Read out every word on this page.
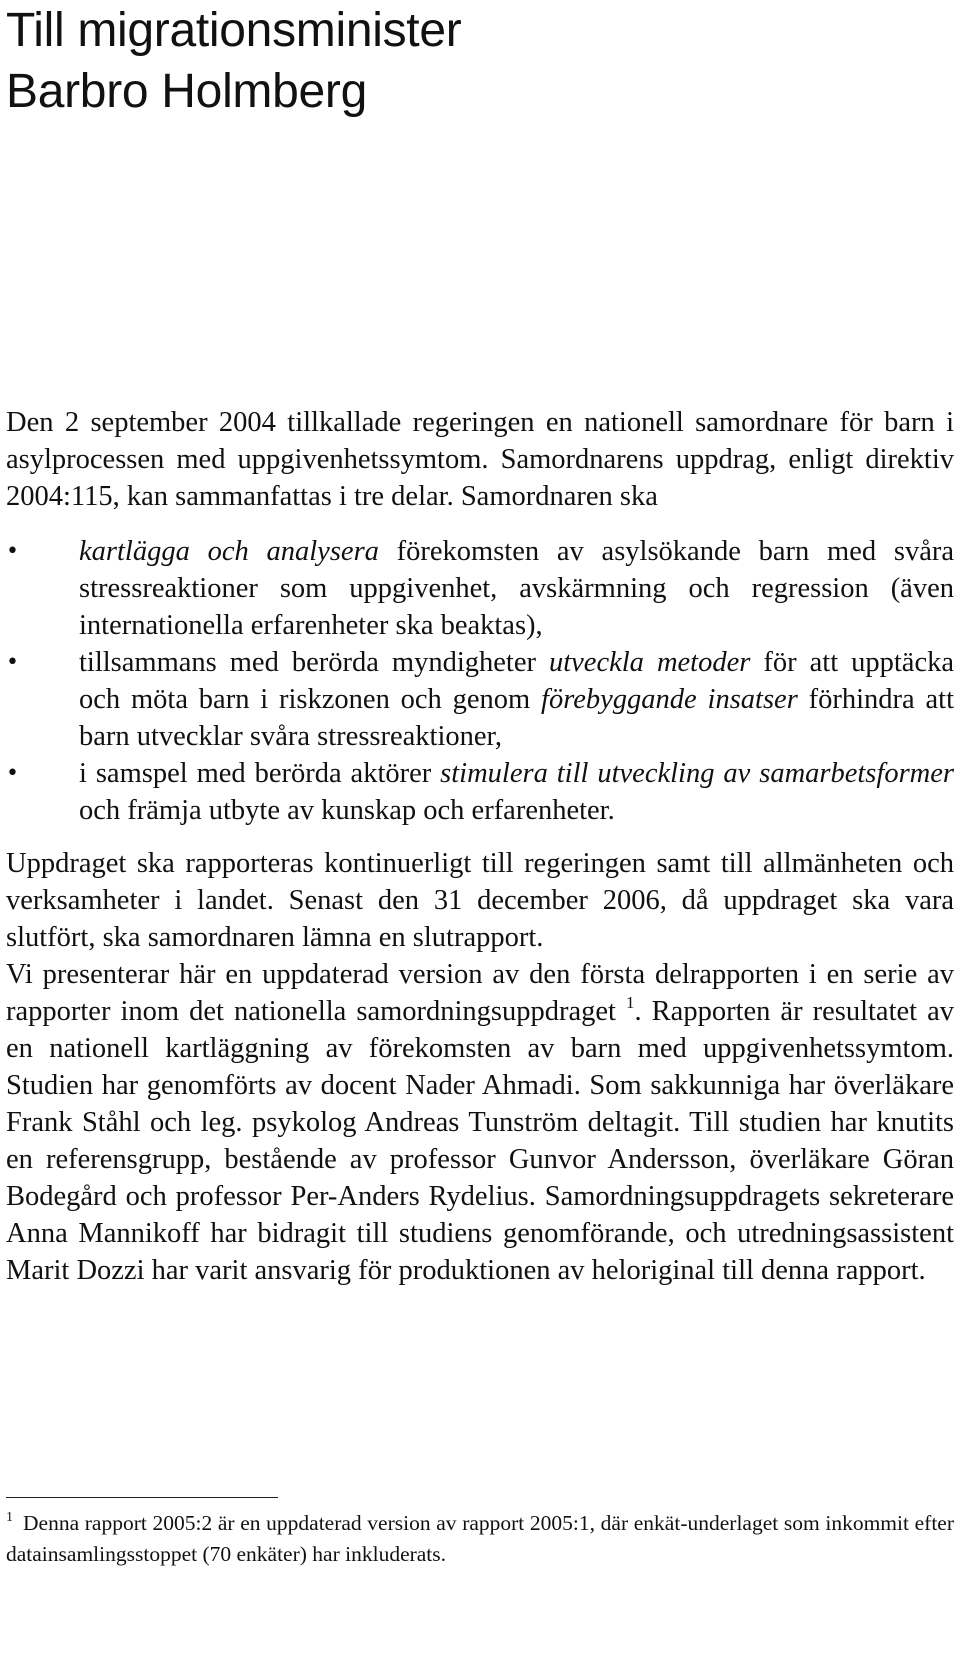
Till migrationsminister
Barbro Holmberg

Den 2 september 2004 tillkallade regeringen en nationell samordnare för barn i asylprocessen med uppgivenhetssymtom. Samordnarens uppdrag, enligt direktiv 2004:115, kan sammanfattas i tre delar. Samordnaren ska

•	kartlägga och analysera förekomsten av asylsökande barn med svåra stressreaktioner som uppgivenhet, avskärmning och regression (även internationella erfarenheter ska beaktas),
•	tillsammans med berörda myndigheter utveckla metoder för att upptäcka och möta barn i riskzonen och genom förebyggande insatser förhindra att barn utvecklar svåra stressreaktioner,
•	i samspel med berörda aktörer stimulera till utveckling av samarbetsformer och främja utbyte av kunskap och erfarenheter.

Uppdraget ska rapporteras kontinuerligt till regeringen samt till allmänheten och verksamheter i landet. Senast den 31 december 2006, då uppdraget ska vara slutfört, ska samordnaren lämna en slutrapport.

Vi presenterar här en uppdaterad version av den första delrapporten i en serie av rapporter inom det nationella samordningsuppdraget $^1$. Rapporten är resultatet av en nationell kartläggning av förekomsten av barn med uppgivenhetssymtom. Studien har genomförts av docent Nader Ahmadi. Som sakkunniga har överläkare Frank Ståhl och leg. psykolog Andreas Tunström deltagit. Till studien har knutits en referensgrupp, bestående av professor Gunvor Andersson, överläkare Göran Bodegård och professor Per-Anders Rydelius. Samordningsuppdragets sekreterare Anna Mannikoff har bidragit till studiens genomförande, och utredningsassistent Marit Dozzi har varit ansvarig för produktionen av heloriginal till denna rapport.

$^1$ Denna rapport 2005:2 är en uppdaterad version av rapport 2005:1, där enkät-underlaget som inkommit efter datainsamlingsstoppet (70 enkäter) har inkluderats.
